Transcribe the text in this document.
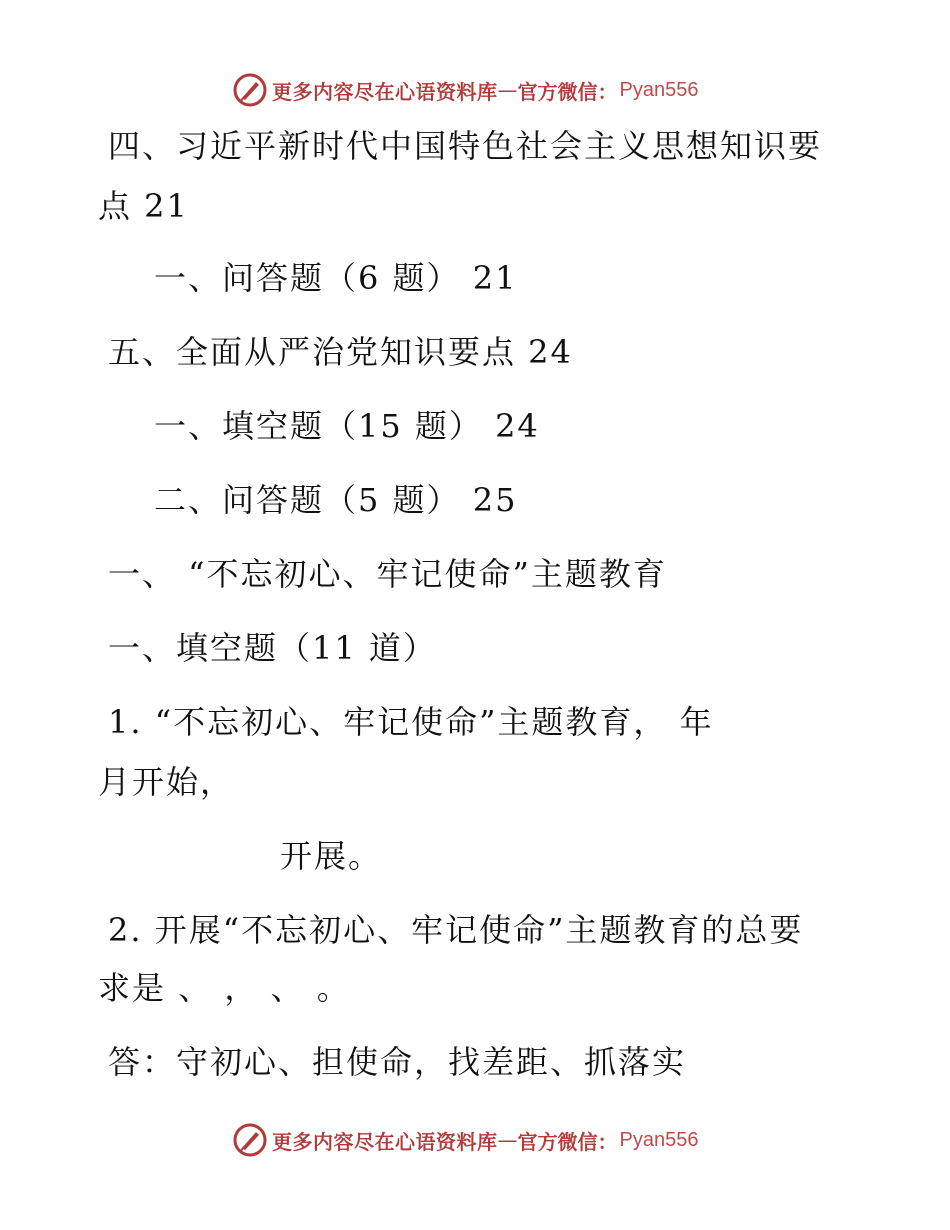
更多内容尽在心语资料库 — 官方微信： Pyan556
四、习近平新时代中国特色社会主义思想知识要
点 21
一、问答题（6 题） 21
五、全面从严治党知识要点 24
一、填空题（15 题） 24
二、问答题（5 题） 25
一、 “不忘初心、牢记使命”主题教育
一、填空题（11 道）
1. “不忘初心、牢记使命”主题教育， 年
月开始，
开展。
2. 开展“不忘初心、牢记使命”主题教育的总要
求是 、 ， 、 。
答：守初心、担使命，找差距、抓落实
更多内容尽在心语资料库 — 官方微信： Pyan556
